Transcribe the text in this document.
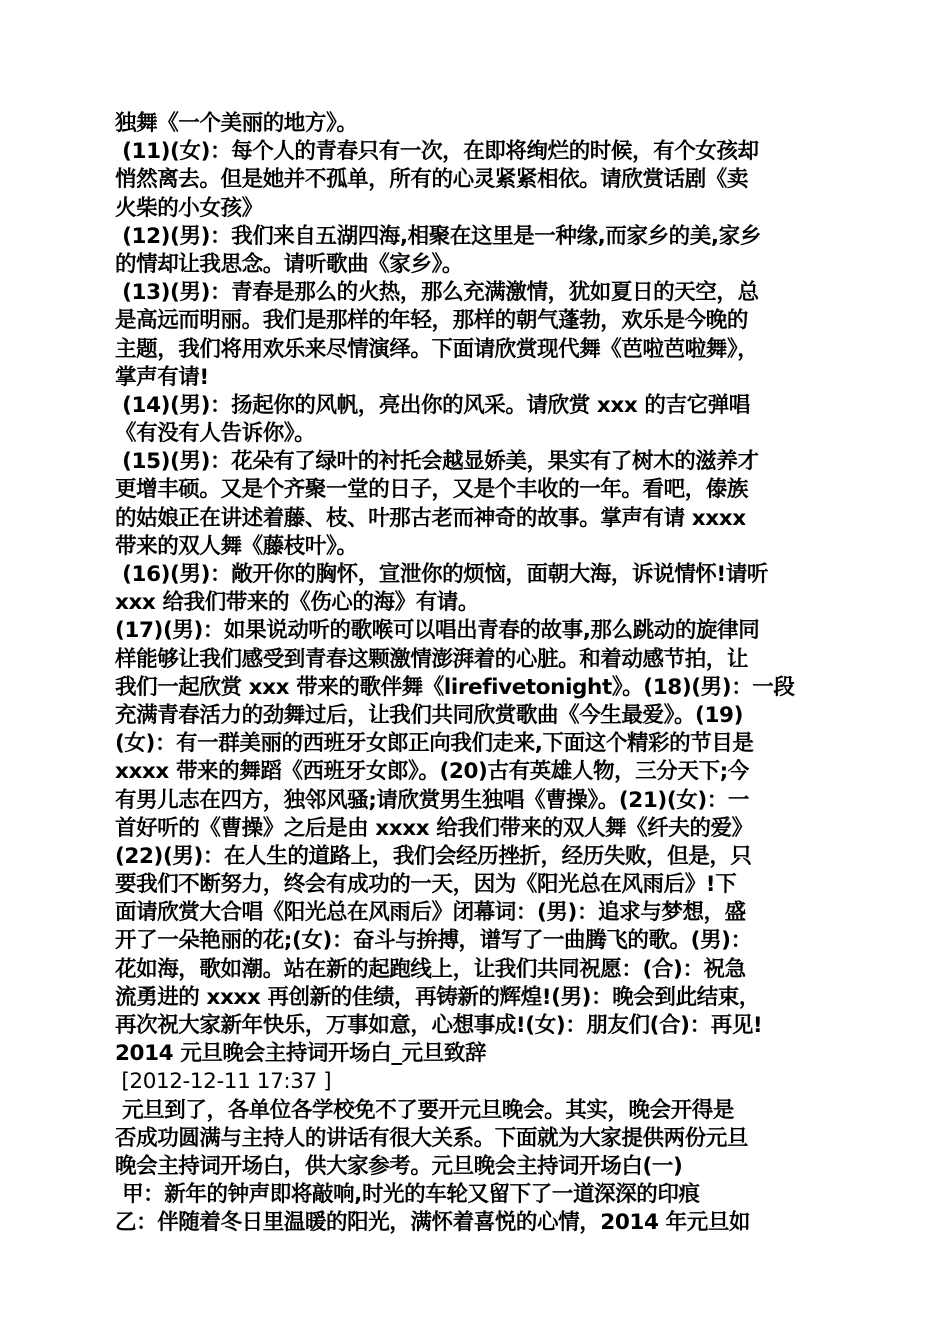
独舞《一个美丽的地方》。
(11)(女)：每个人的青春只有一次，在即将绚烂的时候，有个女孩却
悄然离去。但是她并不孤单，所有的心灵紧紧相依。请欣赏话剧《卖
火柴的小女孩》
(12)(男)：我们来自五湖四海,相聚在这里是一种缘,而家乡的美,家乡
的情却让我思念。请听歌曲《家乡》。
(13)(男)：青春是那么的火热，那么充满激情，犹如夏日的天空，总
是高远而明丽。我们是那样的年轻，那样的朝气蓬勃，欢乐是今晚的
主题，我们将用欢乐来尽情演绎。下面请欣赏现代舞《芭啦芭啦舞》，
掌声有请!
(14)(男)：扬起你的风帆，亮出你的风采。请欣赏 xxx 的吉它弹唱
《有没有人告诉你》。
(15)(男)：花朵有了绿叶的衬托会越显娇美，果实有了树木的滋养才
更增丰硕。又是个齐聚一堂的日子，又是个丰收的一年。看吧，傣族
的姑娘正在讲述着藤、枝、叶那古老而神奇的故事。掌声有请 xxxx
带来的双人舞《藤枝叶》。
(16)(男)：敞开你的胸怀，宣泄你的烦恼，面朝大海，诉说情怀!请听
xxx 给我们带来的《伤心的海》有请。
(17)(男)：如果说动听的歌喉可以唱出青春的故事,那么跳动的旋律同
样能够让我们感受到青春这颗激情澎湃着的心脏。和着动感节拍，让
我们一起欣赏 xxx 带来的歌伴舞《lirefivetonight》。(18)(男)：一段
充满青春活力的劲舞过后，让我们共同欣赏歌曲《今生最爱》。(19)
(女)：有一群美丽的西班牙女郎正向我们走来,下面这个精彩的节目是
xxxx 带来的舞蹈《西班牙女郎》。(20)古有英雄人物，三分天下;今
有男儿志在四方，独邻风骚;请欣赏男生独唱《曹操》。(21)(女)：一
首好听的《曹操》之后是由 xxxx 给我们带来的双人舞《纤夫的爱》
(22)(男)：在人生的道路上，我们会经历挫折，经历失败，但是，只
要我们不断努力，终会有成功的一天，因为《阳光总在风雨后》!下
面请欣赏大合唱《阳光总在风雨后》闭幕词：(男)：追求与梦想，盛
开了一朵艳丽的花;(女)：奋斗与拚搏，谱写了一曲腾飞的歌。(男)：
花如海，歌如潮。站在新的起跑线上，让我们共同祝愿：(合)：祝急
流勇进的 xxxx 再创新的佳绩，再铸新的辉煌!(男)：晚会到此结束，
再次祝大家新年快乐，万事如意，心想事成!(女)：朋友们(合)：再见!
2014 元旦晚会主持词开场白_元旦致辞
[2012-12-11 17:37 ]
元旦到了，各单位各学校免不了要开元旦晚会。其实，晚会开得是
否成功圆满与主持人的讲话有很大关系。下面就为大家提供两份元旦
晚会主持词开场白，供大家参考。元旦晚会主持词开场白(一)
甲：新年的钟声即将敲响,时光的车轮又留下了一道深深的印痕
乙：伴随着冬日里温暖的阳光，满怀着喜悦的心情，2014 年元旦如
